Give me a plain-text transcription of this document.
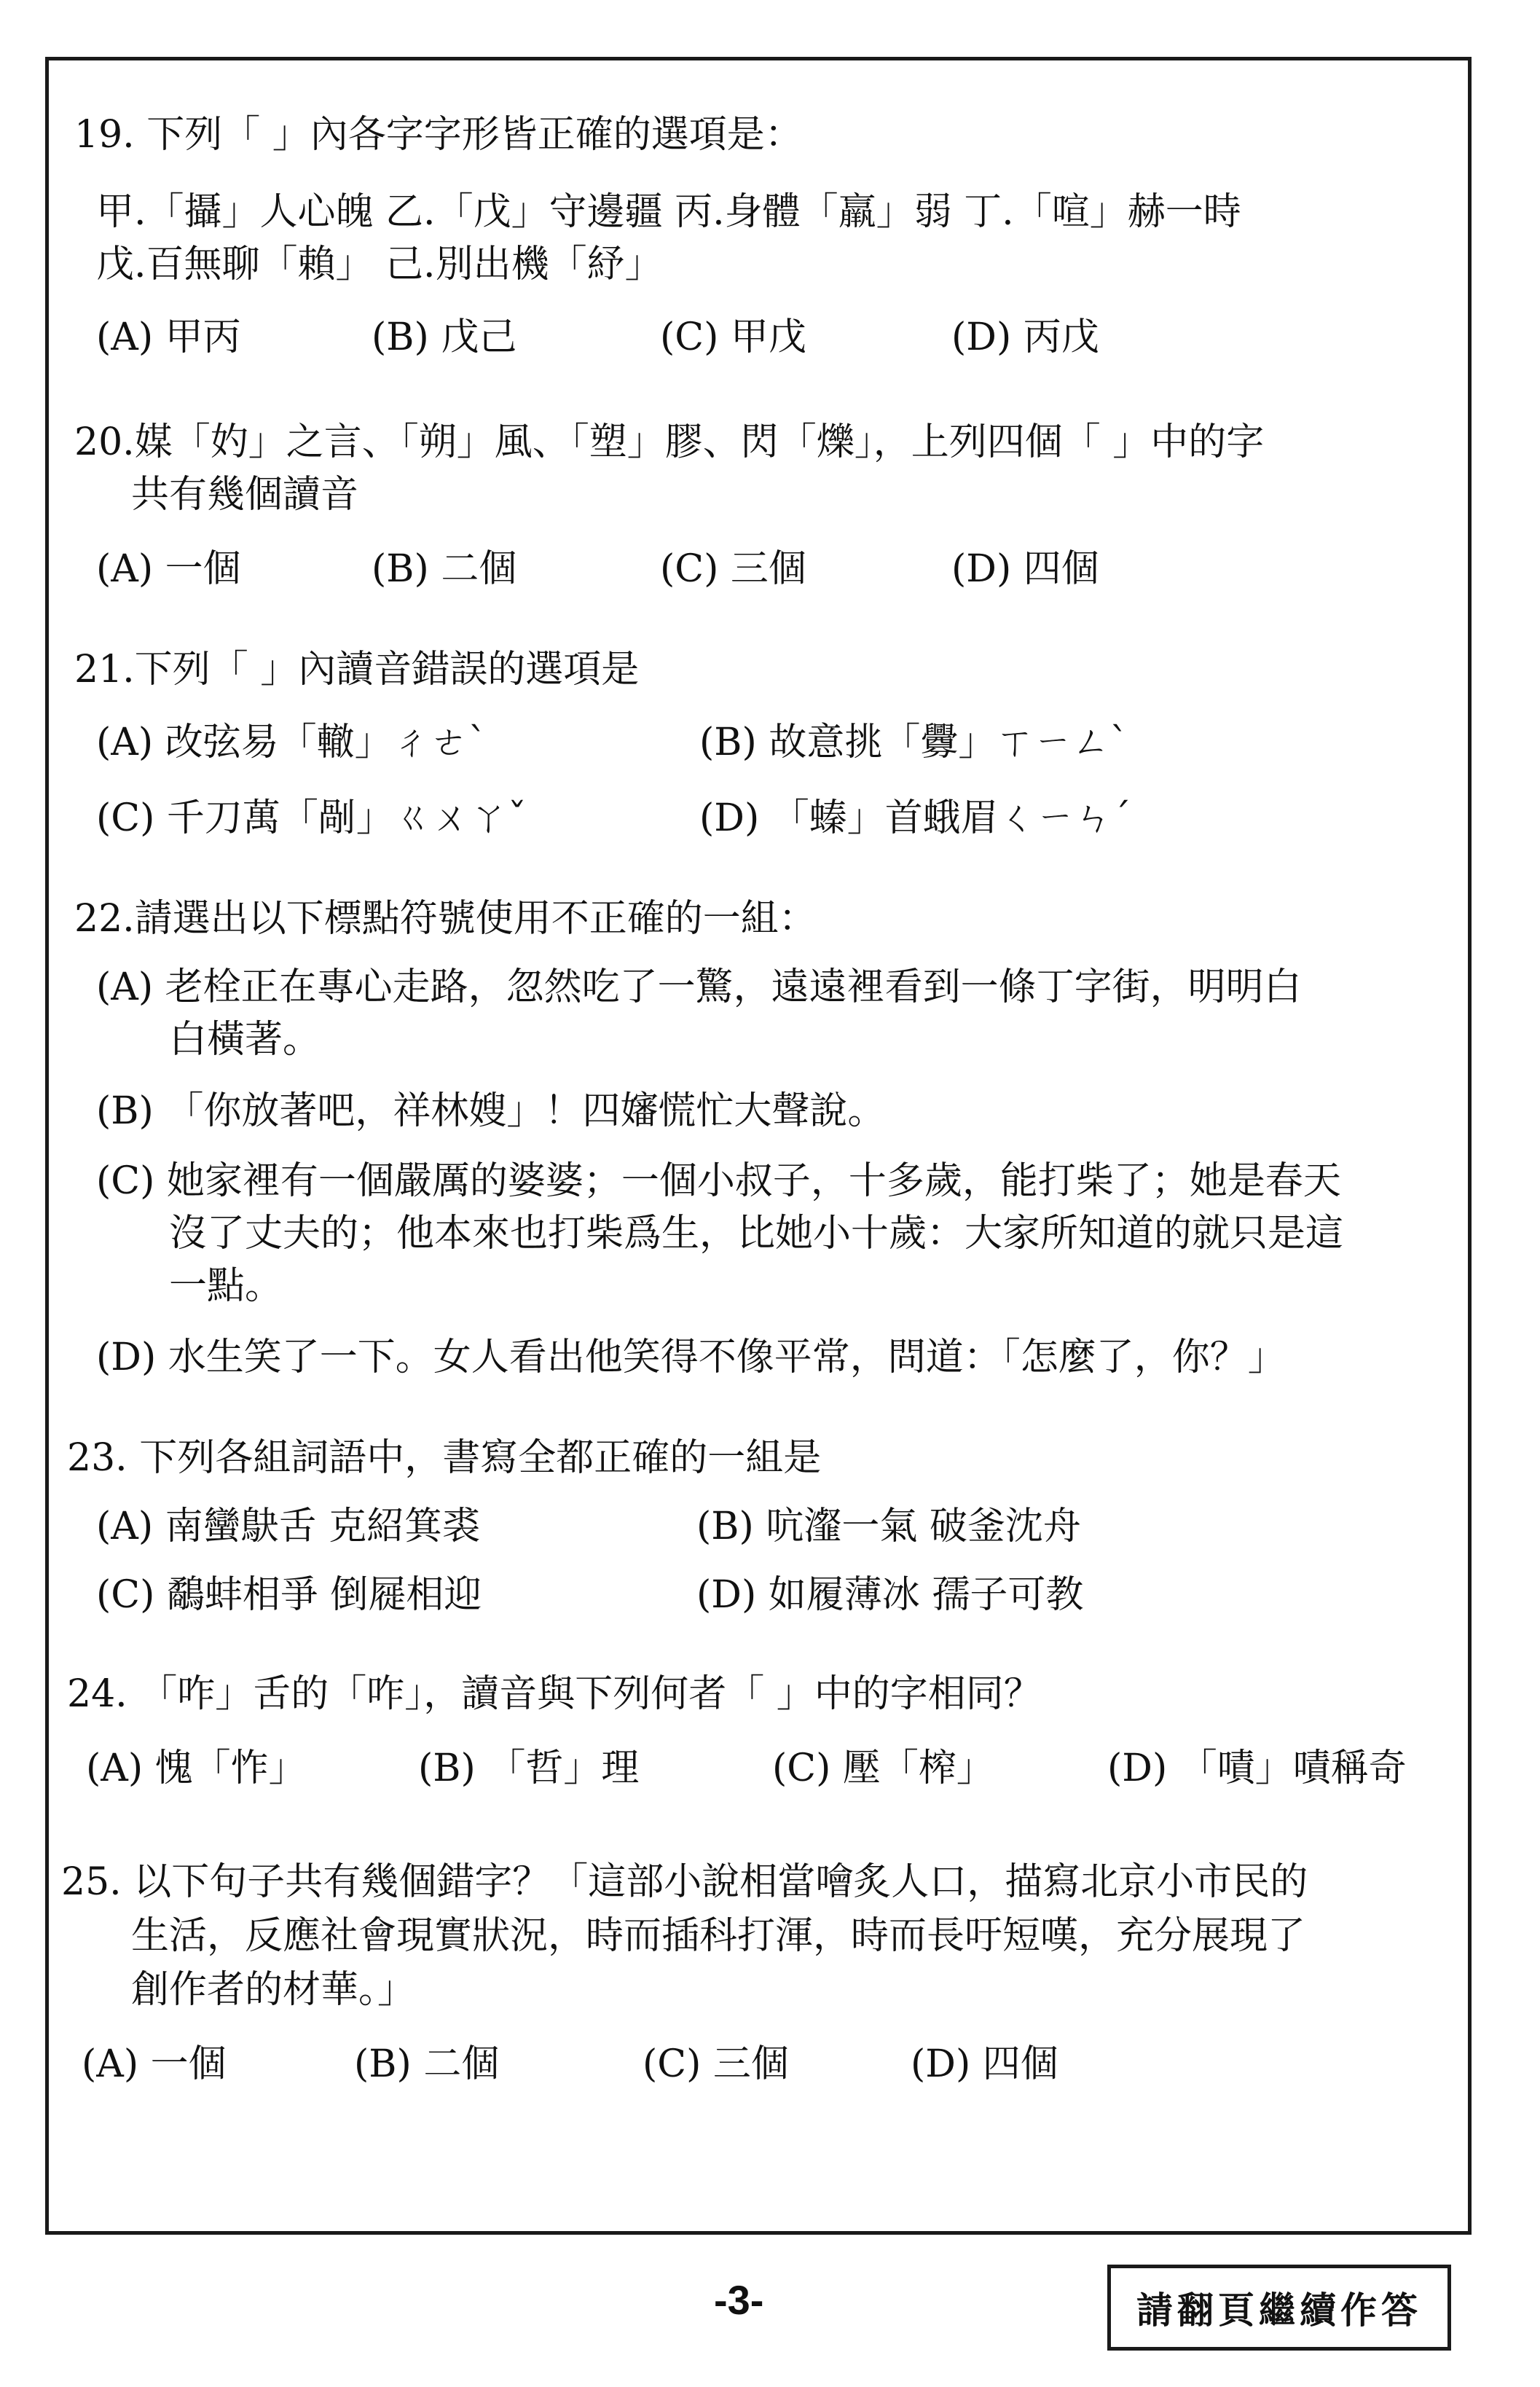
19. 下列「 」內各字字形皆正確的選項是：
甲.「攝」人心魄 乙.「戊」守邊疆 丙.身體「羸」弱 丁.「喧」赫一時
戊.百無聊「賴」 己.別出機「紓」
(A) 甲丙	(B) 戊己	(C) 甲戊	(D) 丙戊
20.媒「妁」之言、「朔」風、「塑」膠、閃「爍」，上列四個「 」中的字
共有幾個讀音
(A) 一個	(B) 二個	(C) 三個	(D) 四個
21.下列「 」內讀音錯誤的選項是
(A) 改弦易「轍」ㄔㄜˋ	(B) 故意挑「釁」ㄒㄧㄥˋ
(C) 千刀萬「剮」ㄍㄨㄚˇ	(D) 「螓」首蛾眉ㄑㄧㄣˊ
22.請選出以下標點符號使用不正確的一組：
(A) 老栓正在專心走路，忽然吃了一驚，遠遠裡看到一條丁字街，明明白
白橫著。
(B) 「你放著吧，祥林嫂」！四嬸慌忙大聲說。
(C) 她家裡有一個嚴厲的婆婆；一個小叔子，十多歲，能打柴了；她是春天
沒了丈夫的；他本來也打柴爲生，比她小十歲：大家所知道的就只是這
一點。
(D) 水生笑了一下。女人看出他笑得不像平常，問道：「怎麼了，你？」
23. 下列各組詞語中，書寫全都正確的一組是
(A) 南蠻鴃舌 克紹箕裘	(B) 吭瀣一氣 破釜沈舟
(C) 鷸蚌相爭 倒屣相迎	(D) 如履薄冰 孺子可教
24. 「咋」舌的「咋」，讀音與下列何者「 」中的字相同？
(A) 愧「怍」	(B) 「哲」理	(C) 壓「榨」	(D) 「嘖」嘖稱奇
25. 以下句子共有幾個錯字？「這部小說相當噲炙人口，描寫北京小市民的
生活，反應社會現實狀況，時而插科打渾，時而長吁短嘆，充分展現了
創作者的材華。」
(A) 一個	(B) 二個	(C) 三個	(D) 四個
-3-	請翻頁繼續作答
